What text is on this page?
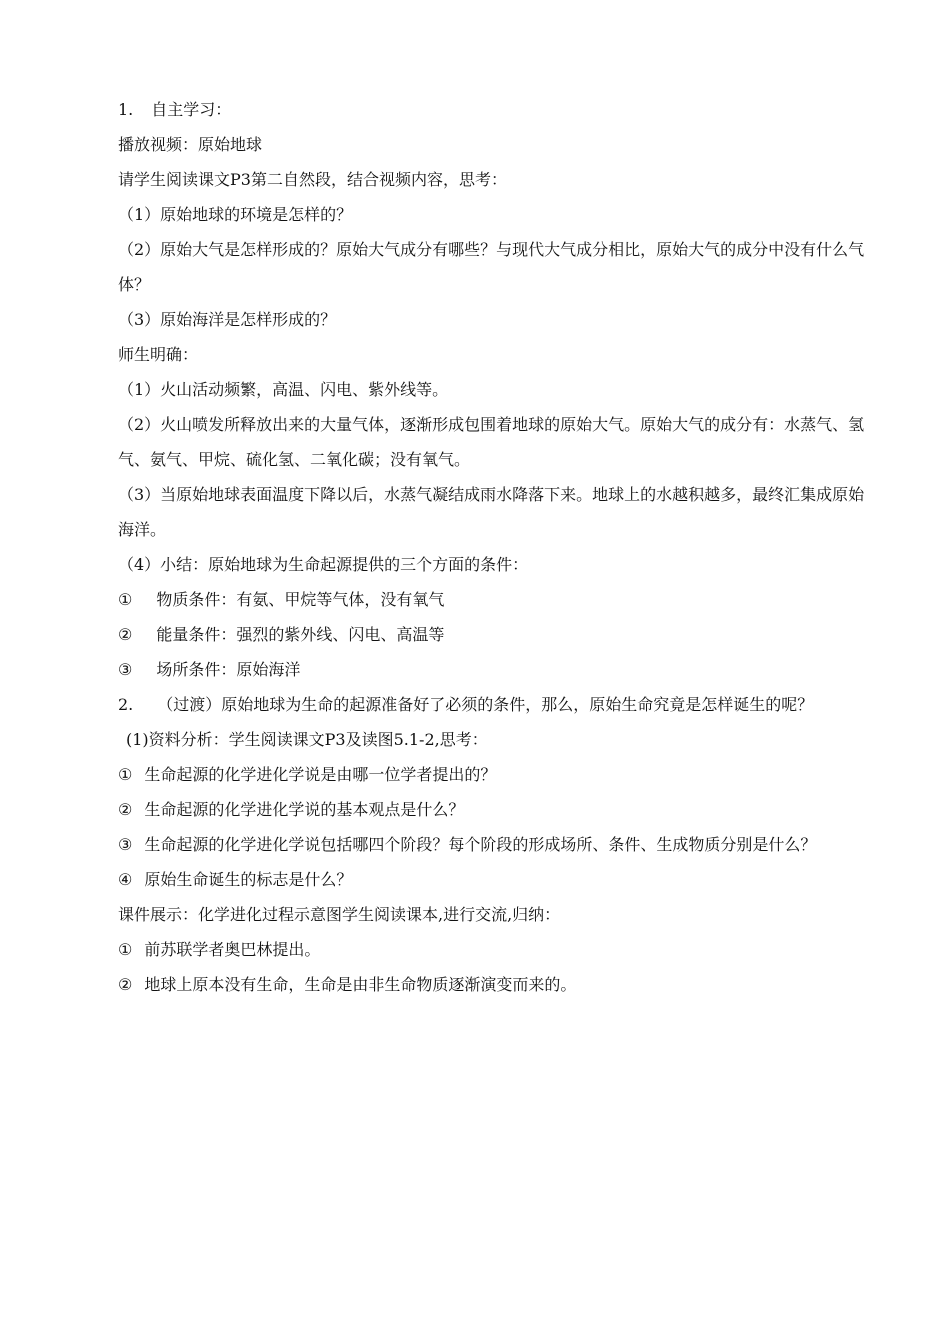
1. 自主学习：
播放视频：原始地球
请学生阅读课文P3第二自然段，结合视频内容，思考：
（1）原始地球的环境是怎样的？
（2）原始大气是怎样形成的？原始大气成分有哪些？与现代大气成分相比，原始大气的成分中没有什么气体？
（3）原始海洋是怎样形成的？
师生明确：
（1）火山活动频繁，高温、闪电、紫外线等。
（2）火山喷发所释放出来的大量气体，逐渐形成包围着地球的原始大气。原始大气的成分有：水蒸气、氢气、氨气、甲烷、硫化氢、二氧化碳；没有氧气。
（3）当原始地球表面温度下降以后，水蒸气凝结成雨水降落下来。地球上的水越积越多，最终汇集成原始海洋。
（4）小结：原始地球为生命起源提供的三个方面的条件：
① 物质条件：有氨、甲烷等气体，没有氧气
② 能量条件：强烈的紫外线、闪电、高温等
③ 场所条件：原始海洋
2. （过渡）原始地球为生命的起源准备好了必须的条件，那么，原始生命究竟是怎样诞生的呢？
(1)资料分析：学生阅读课文P3及读图5.1-2,思考：
① 生命起源的化学进化学说是由哪一位学者提出的？
② 生命起源的化学进化学说的基本观点是什么？
③ 生命起源的化学进化学说包括哪四个阶段？每个阶段的形成场所、条件、生成物质分别是什么？
④ 原始生命诞生的标志是什么？
课件展示：化学进化过程示意图学生阅读课本,进行交流,归纳：
① 前苏联学者奥巴林提出。
② 地球上原本没有生命，生命是由非生命物质逐渐演变而来的。
